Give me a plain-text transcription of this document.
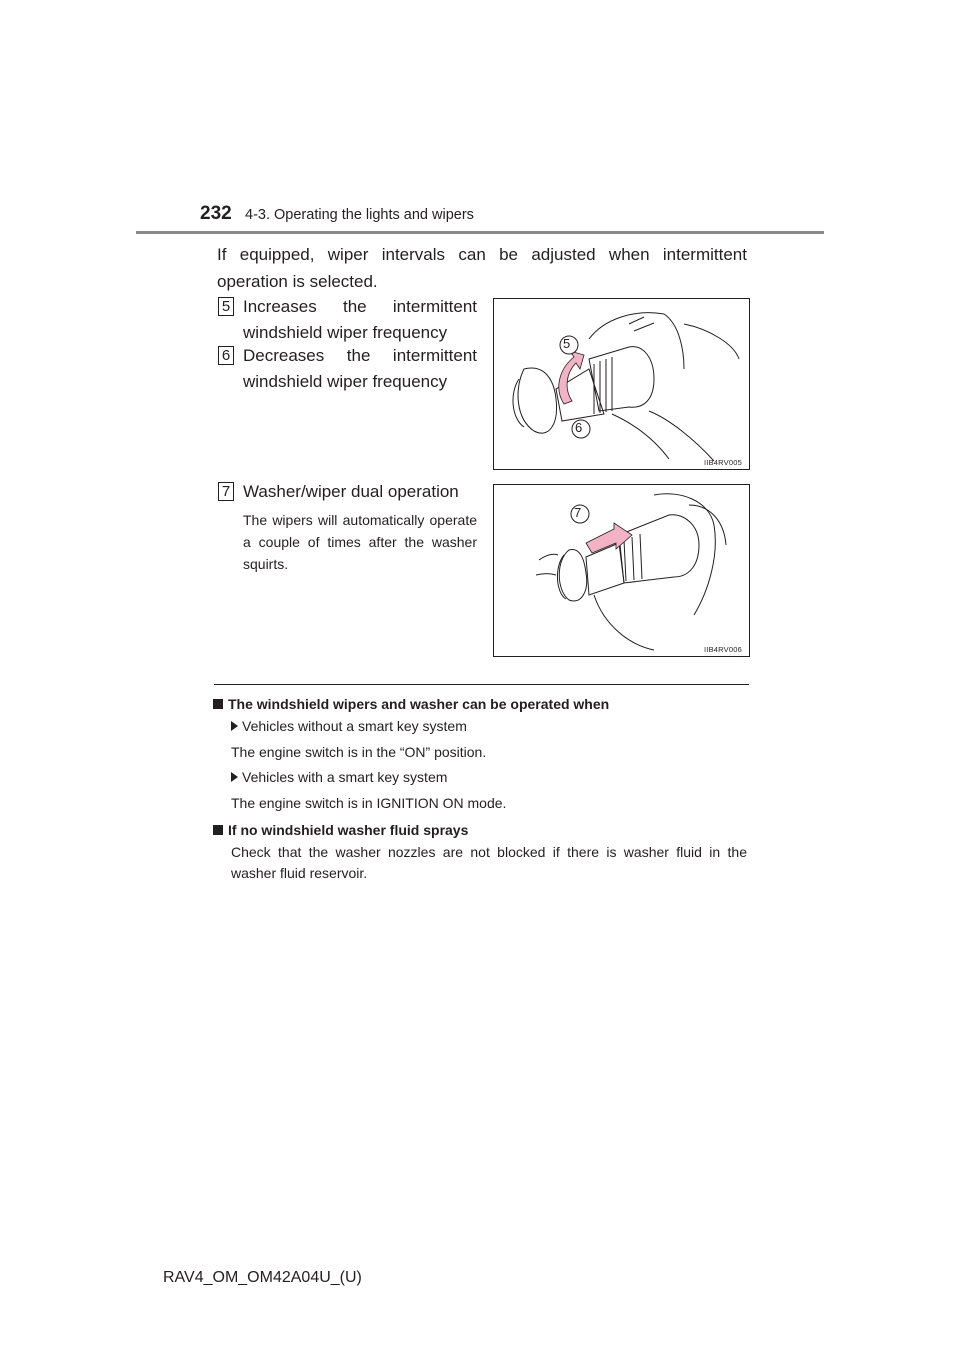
232 4-3. Operating the lights and wipers
If equipped, wiper intervals can be adjusted when intermittent operation is selected.
5 Increases the intermittent windshield wiper frequency
6 Decreases the intermittent windshield wiper frequency
7 Washer/wiper dual operation
The wipers will automatically operate a couple of times after the washer squirts.
5
6
IIB4RV005
7
IIB4RV006
The windshield wipers and washer can be operated when
Vehicles without a smart key system
The engine switch is in the “ON” position.
Vehicles with a smart key system
The engine switch is in IGNITION ON mode.
If no windshield washer fluid sprays
Check that the washer nozzles are not blocked if there is washer fluid in the washer fluid reservoir.
RAV4_OM_OM42A04U_(U)
